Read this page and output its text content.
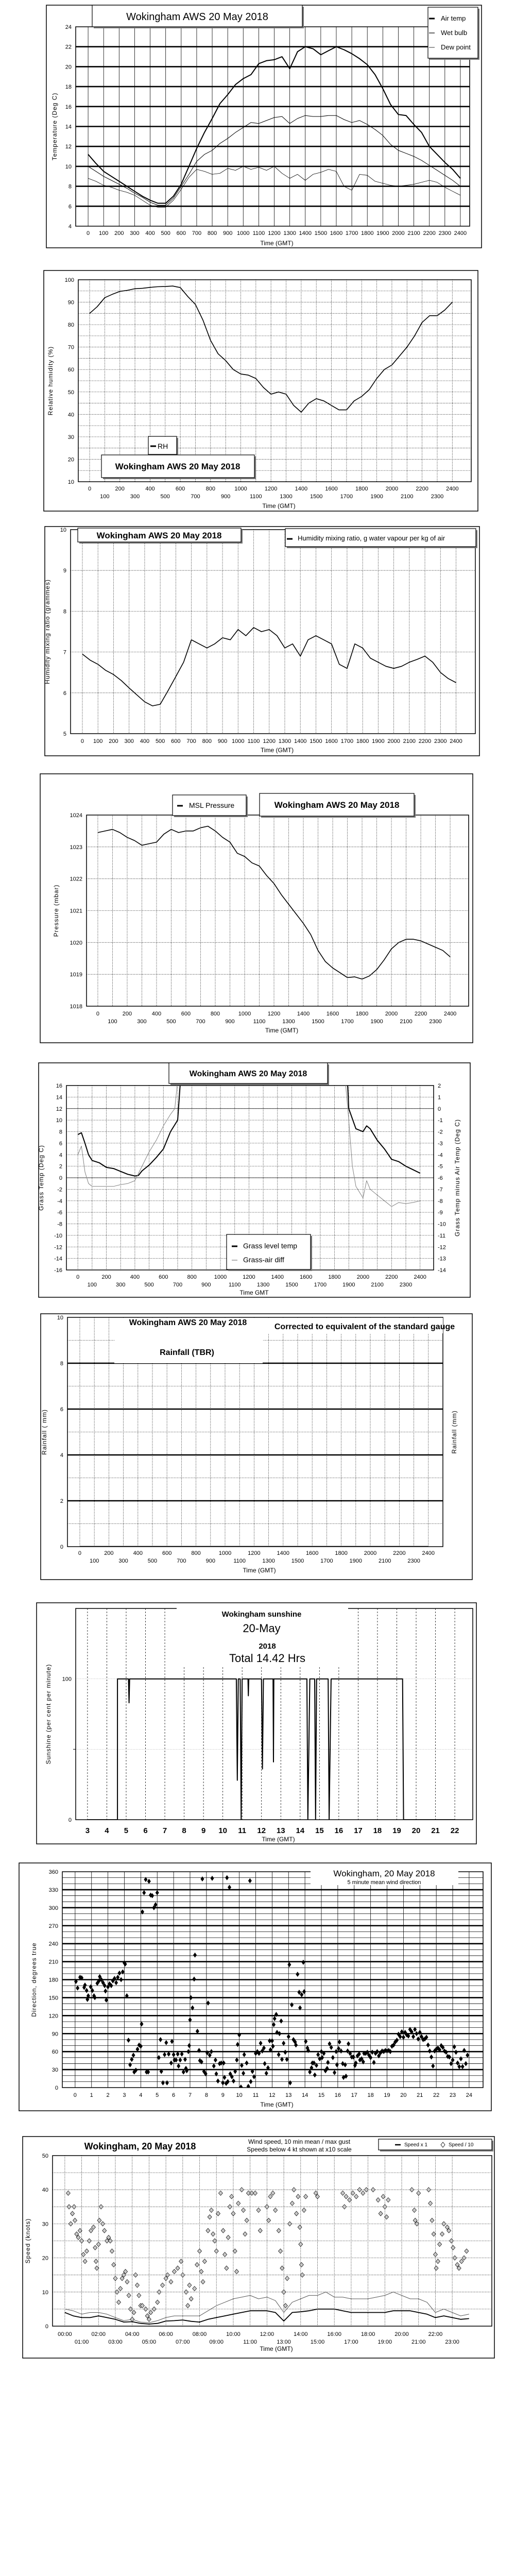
4
6
8
10
12
14
16
18
20
22
24
0 100 200 300 400 500 600 700 800 900 1000 1100 1200 1300 1400 1500 1600 1700 1800 1900 2000 2100 2200 2300 2400
Time (GMT)
Temperature (Deg C)
Wokingham AWS 20 May 2018	Air temp
Wet bulb
Dew point
10
20
30
40
50
60
70
80
90
100
0
100
200
300
400
500
600
700
800
900
1000
1100
1200
1300
1400
1500
1600
1700
1800
1900
2000
2100
2200
2300
2400
Time (GMT)
Relative humidity (%)
RH
Wokingham AWS 20 May 2018
5
6
7
8
9
10
0 100 200 300 400 500 600 700 800 900 1000 1100 1200 1300 1400 1500 1600 1700 1800 1900 2000 2100 2200 2300 2400
Time (GMT)
Humidity mixing ratio (grammes)
Wokingham AWS 20 May 2018	Humidity mixing ratio, g water vapour per kg of air
1018
1019
1020
1021
1022
1023
1024
0
100
200
300
400
500
600
700
800
900
1000
1100
1200
1300
1400
1500
1600
1700
1800
1900
2000
2100
2200
2300
2400
Time (GMT)
Pressure (mbar)
MSL Pressure	Wokingham AWS 20 May 2018
-16
-14
-12
-10
-8
-6
-4
-2
0
2
4
6
8
10
12
14
16
-14
-13
-12
-11
-10
-9
-8
-7
-6
-5
-4
-3
-2
-1
0
1
2
0
100
200
300
400
500
600
700
800
900
1000
1100
1200
1300
1400
1500
1600
1700
1800
1900
2000
2100
2200
2300
2400
Time GMT
Grass Temp (Deg C)	Grass Temp minus Air Temp (Deg C)
Wokingham AWS 20 May 2018
Grass level temp
Grass-air diff
0
2
4
6
8
10
0
100
200
300
400
500
600
700
800
900
1000
1100
1200
1300
1400
1500
1600
1700
1800
1900
2000
2100
2200
2300
2400
Time (GMT)
Rainfall ( mm)	Rainfall (mm)
Wokingham AWS 20 May 2018
Rainfall (TBR)
Corrected to equivalent of the standard gauge
0
100
3 4 5 6 7 8 9 10 11 12 13 14 15 16 17 18 19 20 21 22
Time (GMT)
Sunshine (per cent per minute)
Wokingham sunshine
20-May
2018
Total 14.42 Hrs
0
30
60
90
120
150
180
210
240
270
300
330
360
0 1 2 3 4 5 6 7 8 9 10 11 12 13 14 15 16 17 18 19 20 21 22 23 24
Time (GMT)
Direction, degrees true
Wokingham, 20 May 2018
5 minute mean wind direction
0
10
20
30
40
50
00:00
01:00
02:00
03:00
04:00
05:00
06:00
07:00
08:00
09:00
10:00
11:00
12:00
13:00
14:00
15:00
16:00
17:00
18:00
19:00
20:00
21:00
22:00
23:00
Time (GMT)
Speed (knots)
Wokingham, 20 May 2018	Wind speed, 10 min mean / max gust
Speeds below 4 kt shown at x10 scale
Speed x 1	Speed / 10
